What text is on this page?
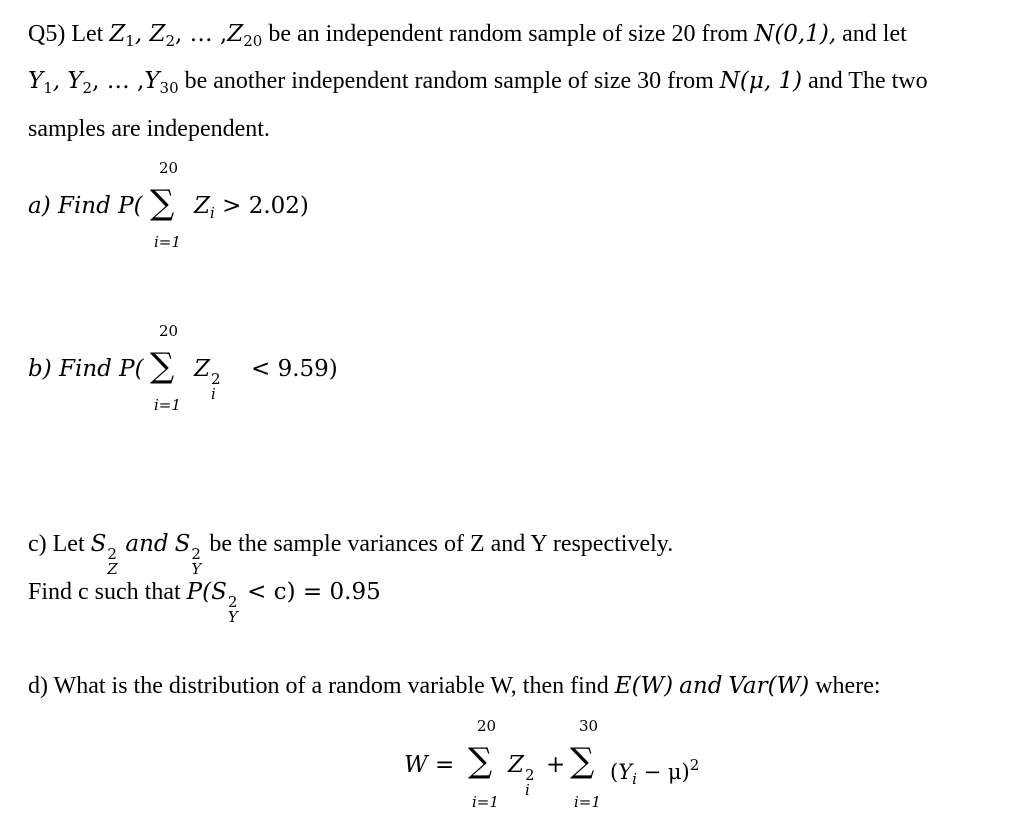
Q5) Let $Z_1$, $Z_2$, … $,Z_{20}$ be an independent random sample of size 20 from N(0,1), and let
$Y_1$, $Y_2$, … $,Y_{30}$ be another independent random sample of size 30 from N(μ, 1) and The two
samples are independent.
a) Find P(
20
∑
i=1
$Z_i > 2.02$)
b) Find P(
20
∑
i=1
Z 2
i
< 9.59)
c) Let S 2
Z
and S 2
Y
be the sample variances of Z and Y respectively.
Find c such that P(S 2
Y
< c) = 0.95
d) What is the distribution of a random variable W, then find E(W) and Var(W) where:
W =
20
∑
i=1
Z 2
i
+
30
∑
i=1
$(Y_i - \mu)^2$
